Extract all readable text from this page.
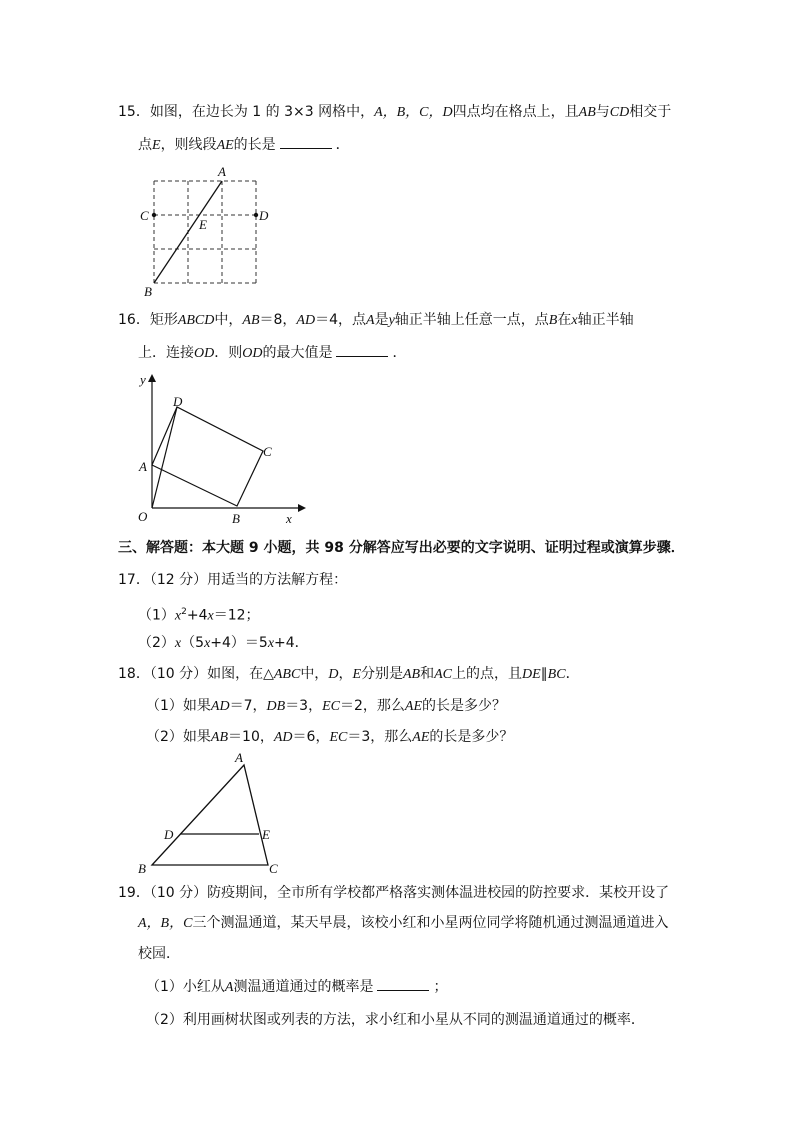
15．如图，在边长为 1 的 3×3 网格中，A，B，C，D四点均在格点上，且AB与CD相交于
点E，则线段AE的长是	．
A
B
C	D
E
16．矩形ABCD中，AB＝8，AD＝4，点A是y轴正半轴上任意一点，点B在x轴正半轴
上．连接OD．则OD的最大值是	．
y
x
O
A
B
C
D
三、解答题：本大题 9 小题，共 98 分解答应写出必要的文字说明、证明过程或演算步骤．
17．（12 分）用适当的方法解方程：
$(1)x^2+4x=12$；
（2）x（5x+4）＝5x+4．
18．（10 分）如图，在△ABC中，D，E分别是AB和AC上的点，且DE∥BC．
（1）如果AD＝7，DB＝3，EC＝2，那么AE的长是多少？
（2）如果AB＝10，AD＝6，EC＝3，那么AE的长是多少？
A
B	C
D	E
19．（10 分）防疫期间，全市所有学校都严格落实测体温进校园的防控要求．某校开设了
A，B，C三个测温通道，某天早晨，该校小红和小星两位同学将随机通过测温通道进入
校园．
（1）小红从A测温通道通过的概率是	；
（2）利用画树状图或列表的方法，求小红和小星从不同的测温通道通过的概率．
